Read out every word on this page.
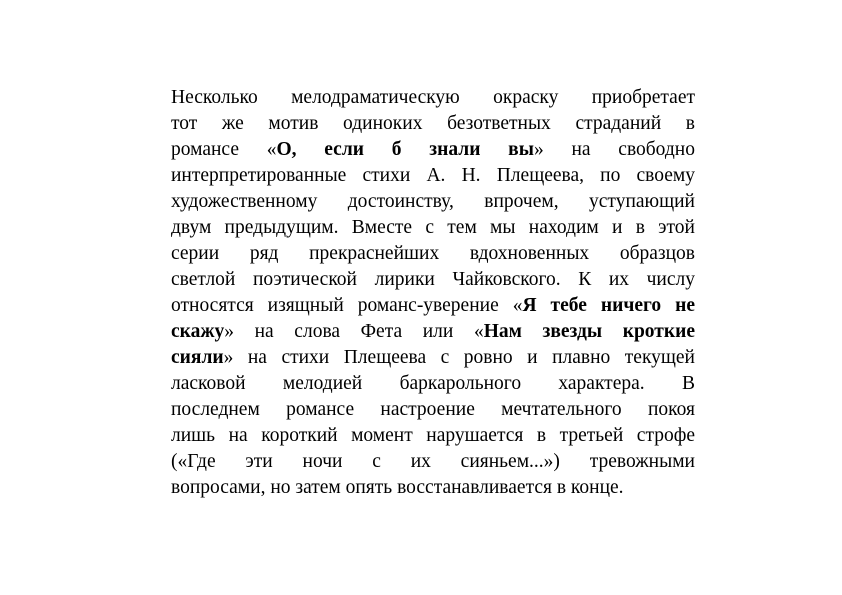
Несколько мелодраматическую окраску приобретает
тот же мотив одиноких безответных страданий в
романсе «О, если б знали вы» на свободно
интерпретированные стихи А. Н. Плещеева, по своему
художественному достоинству, впрочем, уступающий
двум предыдущим. Вместе с тем мы находим и в этой
серии ряд прекраснейших вдохновенных образцов
светлой поэтической лирики Чайковского. К их числу
относятся изящный романс-уверение «Я тебе ничего не
скажу» на слова Фета или «Нам звезды кроткие
сияли» на стихи Плещеева с ровно и плавно текущей
ласковой мелодией баркарольного характера. В
последнем романсе настроение мечтательного покоя
лишь на короткий момент нарушается в третьей строфе
(«Где эти ночи с их сияньем...») тревожными
вопросами, но затем опять восстанавливается в конце.
